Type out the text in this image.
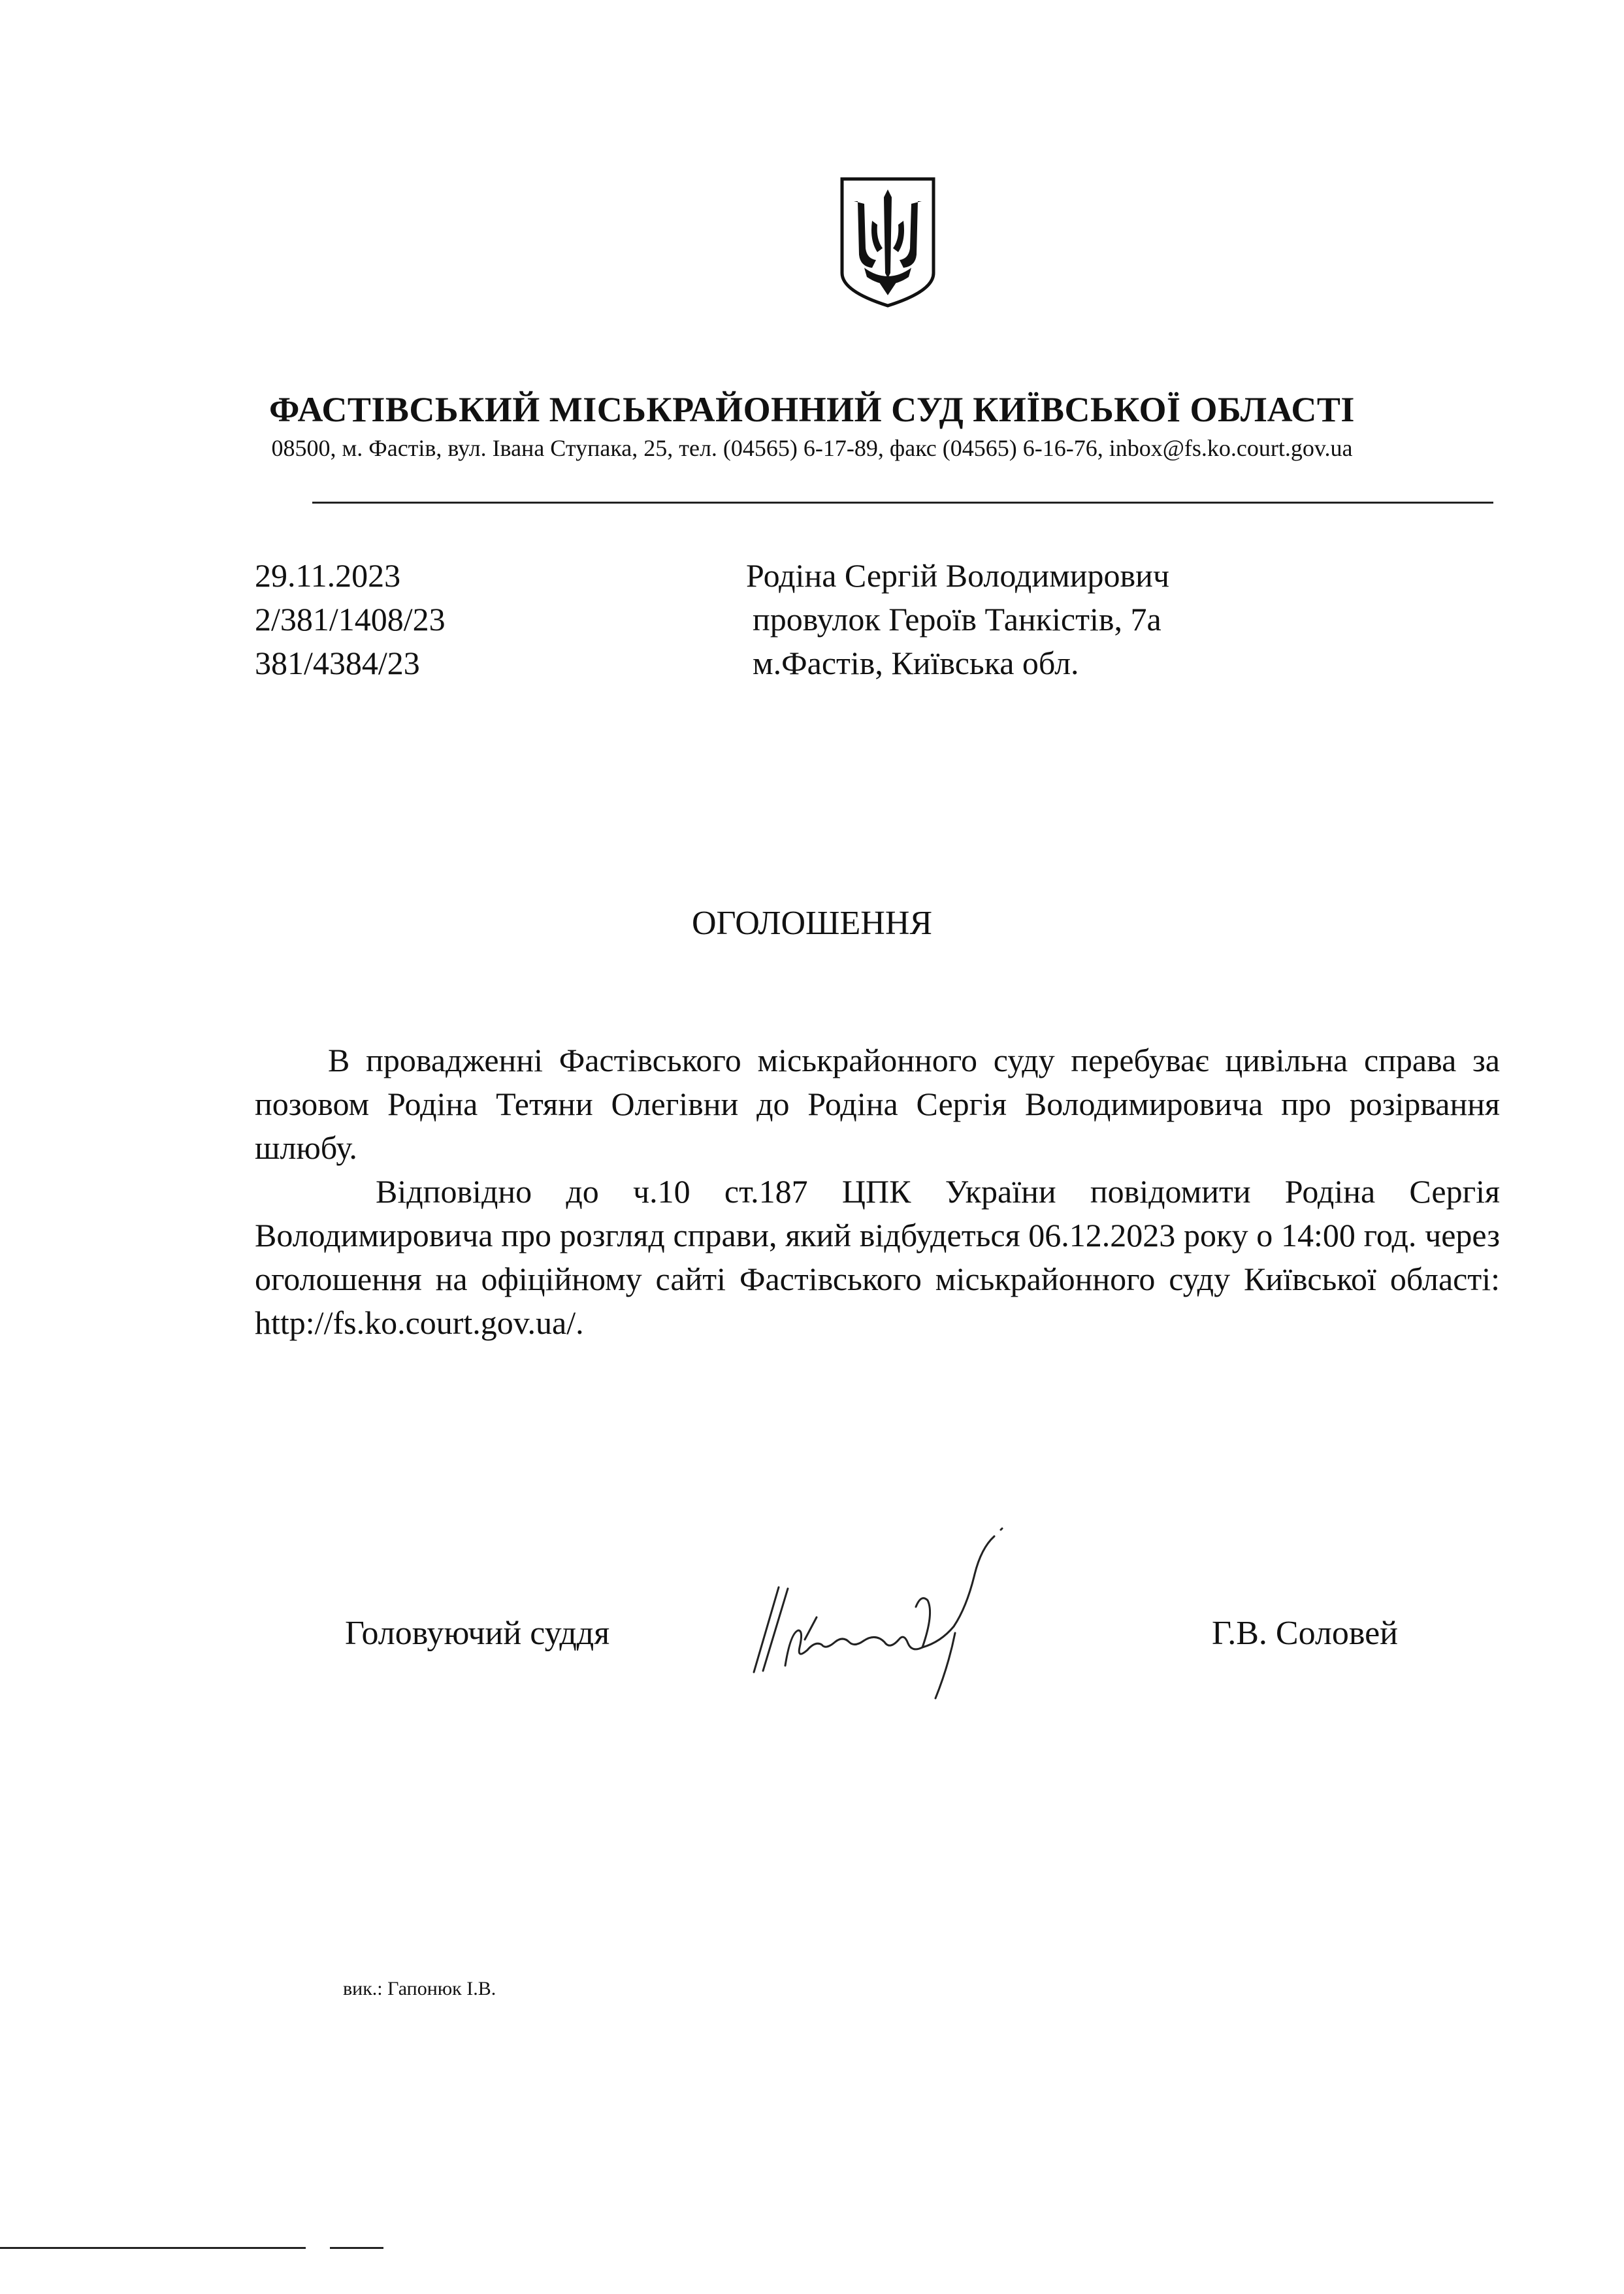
ФАСТІВСЬКИЙ МІСЬКРАЙОННИЙ СУД КИЇВСЬКОЇ ОБЛАСТІ
08500, м. Фастів, вул. Івана Ступака, 25, тел. (04565) 6-17-89, факс (04565) 6-16-76, inbox@fs.ko.court.gov.ua
29.11.2023
2/381/1408/23
381/4384/23
Родіна Сергій Володимирович
провулок Героїв Танкістів, 7а
м.Фастів, Київська обл.
ОГОЛОШЕННЯ
В провадженні Фастівського міськрайонного суду перебуває цивільна справа за позовом Родіна Тетяни Олегівни до Родіна Сергія Володимировича про розірвання шлюбу.
Відповідно до ч.10 ст.187 ЦПК України повідомити Родіна Сергія Володимировича про розгляд справи, який відбудеться 06.12.2023 року о 14:00 год. через оголошення на офіційному сайті Фастівського міськрайонного суду Київської області: http://fs.ko.court.gov.ua/.
Головуючий суддя	Г.В. Соловей
вик.: Гапонюк І.В.
